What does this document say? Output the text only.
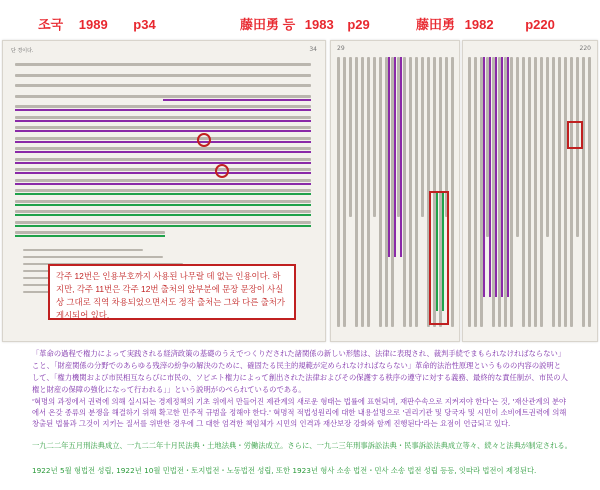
조국 1989 p34	藤田勇 등 1983 p29	藤田勇 1982 p220
단 경이다.	34
각주 12번은 인용부호까지 사용된 나무랄 데 없는 인용이다. 하지만, 각주 11번은 각주 12번 출처의 앞부분에 문장 문장이 사실상 그대로 직역 차용되었으면서도 정작 출처는 그와 다른 출처가 게시되어 있다.
29	220
「革命の過程で権力によって実践される経済政策の基礎のうえでつくりだされた諸関係の新しい形態は、法律に表現され、裁判手続でまもられなければならない」こと、「財産関係の分野でのあらゆる残滓の紛争の解決のために、確固たる民主的規範が定められなければならない」革命的法治性原理というものの内容の説明として、「権力機関および市民相互ならびに市民の、ソビエト権力によって創出された法律およびその保護する秩序の遵守に対する義務、最終的な責任制が、市民の人権と財産の保障の強化になって行われる」」という説明がのべられているのである。
'혁명의 과정에서 권력에 의해 실시되는 경제정책의 기초 위에서 만들어진 제관계의 새로운 형태는 법률에 표현되며, 재판수속으로 지켜져야 한다'는 것, '재산관계의 분야에서 온갖 종류의 분쟁을 해결하기 위해 확고한 민주적 규범을 정해야 한다.' 혁명적 적법성원리에 대한 내용설명으로 '권리기관 및 당국자 및 시민이 소비에트권력에 의해 창출된 법률과 그것이 지키는 질서를 위반한 경우에 그 대한 엄격한 책임체가 시민의 인격과 재산보장 강화와 함께 진행된다'라는 요점이 언급되고 있다.
一九二二年五月刑法典成立、一九二二年十月民法典・土地法典・労働法成立。さらに、一九二三年刑事訴訟法典・民事訴訟法典成立等々、続々と法典が制定される。
1922년 5월 형법전 성립, 1922년 10월 민법전・토지법전・노동법전 성립, 또한 1923년 형사 소송 법전・민사 소송 법전 성립 등등, 잇따라 법전이 제정된다.
